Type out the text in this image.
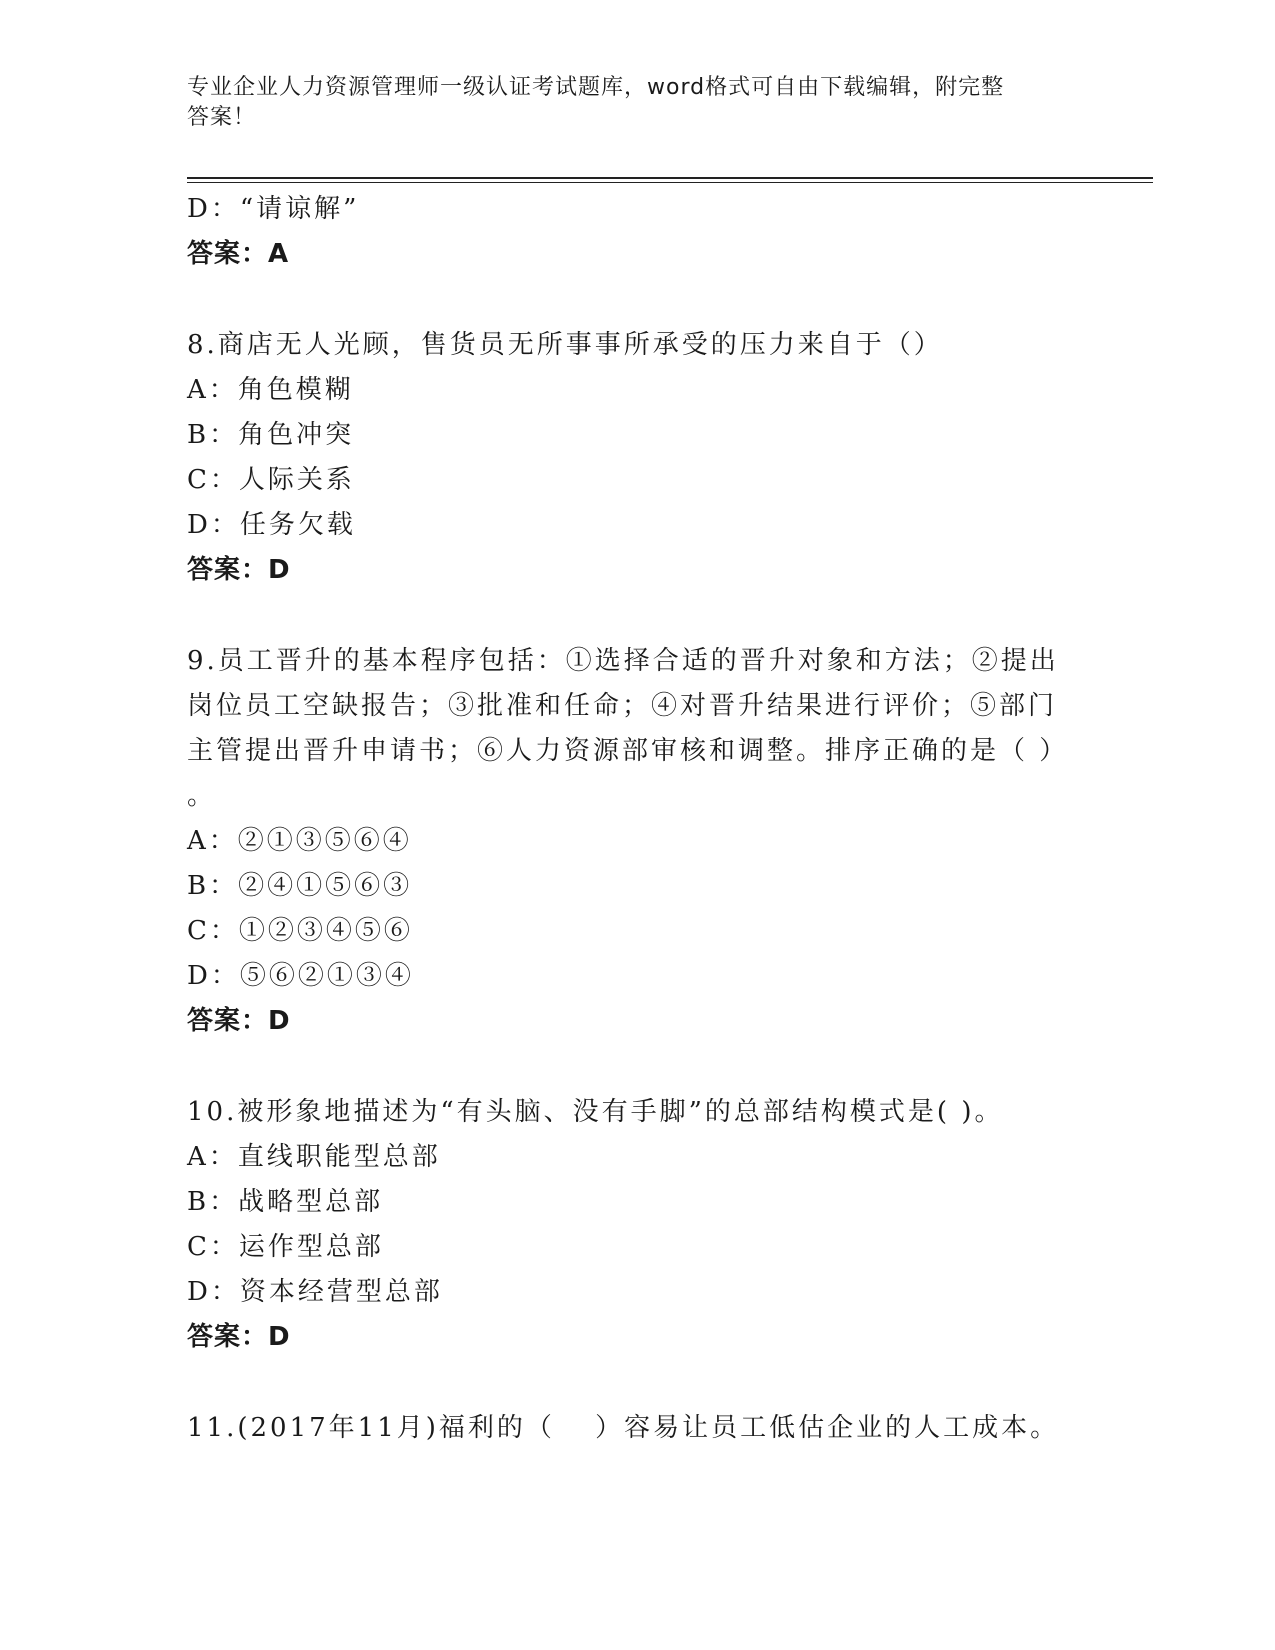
专业企业人力资源管理师一级认证考试题库，word格式可自由下载编辑，附完整
答案！
D：“请谅解”
答案：A
8.商店无人光顾，售货员无所事事所承受的压力来自于（）
A：角色模糊
B：角色冲突
C：人际关系
D：任务欠载
答案：D
9.员工晋升的基本程序包括：①选择合适的晋升对象和方法；②提出
岗位员工空缺报告；③批准和任命；④对晋升结果进行评价；⑤部门
主管提出晋升申请书；⑥人力资源部审核和调整。排序正确的是（ ）
。
A：②①③⑤⑥④
B：②④①⑤⑥③
C：①②③④⑤⑥
D：⑤⑥②①③④
答案：D
10.被形象地描述为“有头脑、没有手脚”的总部结构模式是( )。
A：直线职能型总部
B：战略型总部
C：运作型总部
D：资本经营型总部
答案：D
11.(2017年11月)福利的（　 ）容易让员工低估企业的人工成本。
